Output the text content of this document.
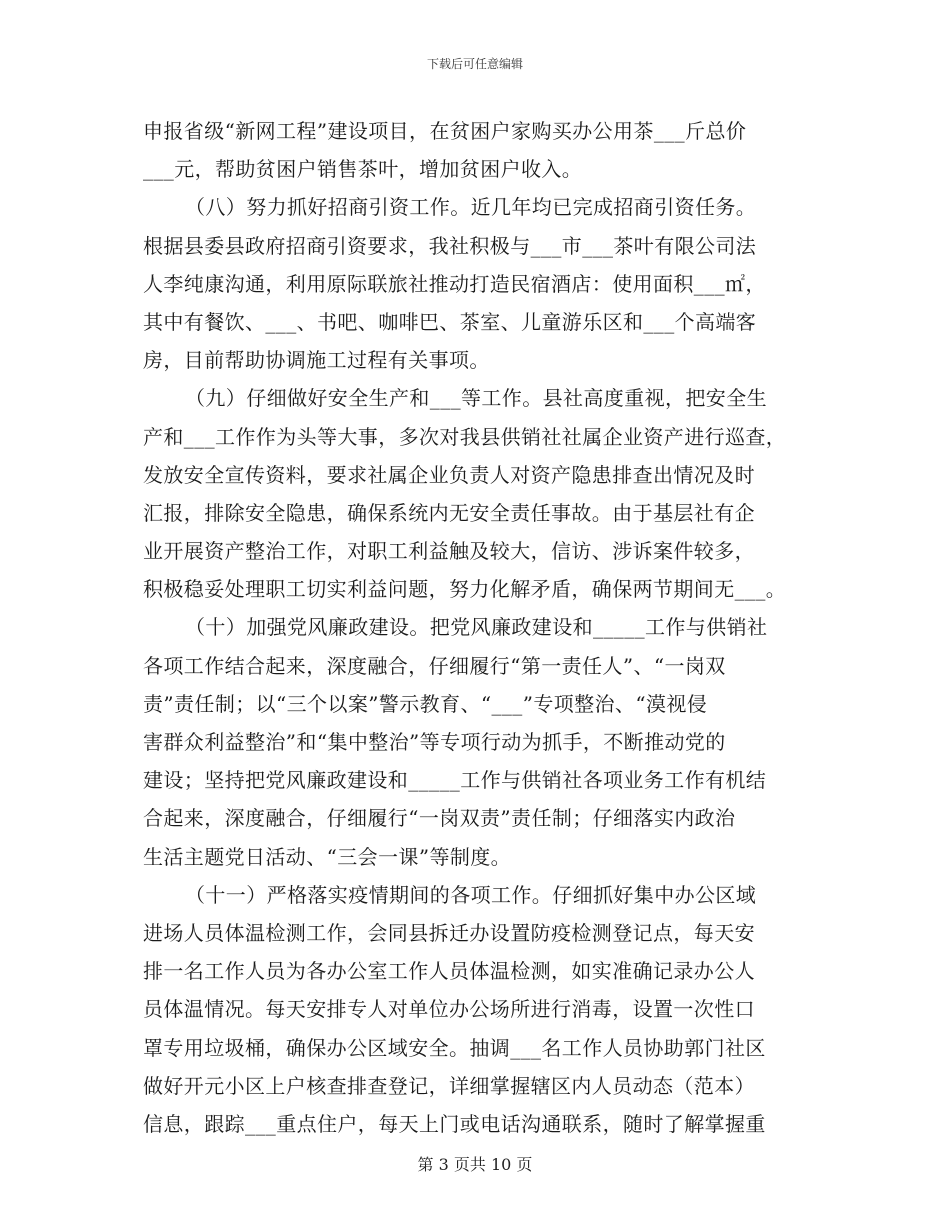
下载后可任意编辑
申报省级“新网工程”建设项目，在贫困户家购买办公用茶___斤总价
___元，帮助贫困户销售茶叶，增加贫困户收入。
（八）努力抓好招商引资工作。近几年均已完成招商引资任务。
根据县委县政府招商引资要求，我社积极与___市___茶叶有限公司法
人李纯康沟通，利用原际联旅社推动打造民宿酒店：使用面积___㎡，
其中有餐饮、___、书吧、咖啡巴、茶室、儿童游乐区和___个高端客
房，目前帮助协调施工过程有关事项。
（九）仔细做好安全生产和___等工作。县社高度重视，把安全生
产和___工作作为头等大事，多次对我县供销社社属企业资产进行巡查，
发放安全宣传资料，要求社属企业负责人对资产隐患排查出情况及时
汇报，排除安全隐患，确保系统内无安全责任事故。由于基层社有企
业开展资产整治工作，对职工利益触及较大，信访、涉诉案件较多，
积极稳妥处理职工切实利益问题，努力化解矛盾，确保两节期间无___。
（十）加强党风廉政建设。把党风廉政建设和_____工作与供销社
各项工作结合起来，深度融合，仔细履行“第一责任人”、“一岗双
责”责任制；以“三个以案”警示教育、“___”专项整治、“漠视侵
害群众利益整治”和“集中整治”等专项行动为抓手，不断推动党的
建设；坚持把党风廉政建设和_____工作与供销社各项业务工作有机结
合起来，深度融合，仔细履行“一岗双责”责任制；仔细落实内政治
生活主题党日活动、“三会一课”等制度。
（十一）严格落实疫情期间的各项工作。仔细抓好集中办公区域
进场人员体温检测工作，会同县拆迁办设置防疫检测登记点，每天安
排一名工作人员为各办公室工作人员体温检测，如实准确记录办公人
员体温情况。每天安排专人对单位办公场所进行消毒，设置一次性口
罩专用垃圾桶，确保办公区域安全。抽调___名工作人员协助郭门社区
做好开元小区上户核查排查登记，详细掌握辖区内人员动态（范本）
信息，跟踪___重点住户，每天上门或电话沟通联系，随时了解掌握重
第 3 页共 10 页
